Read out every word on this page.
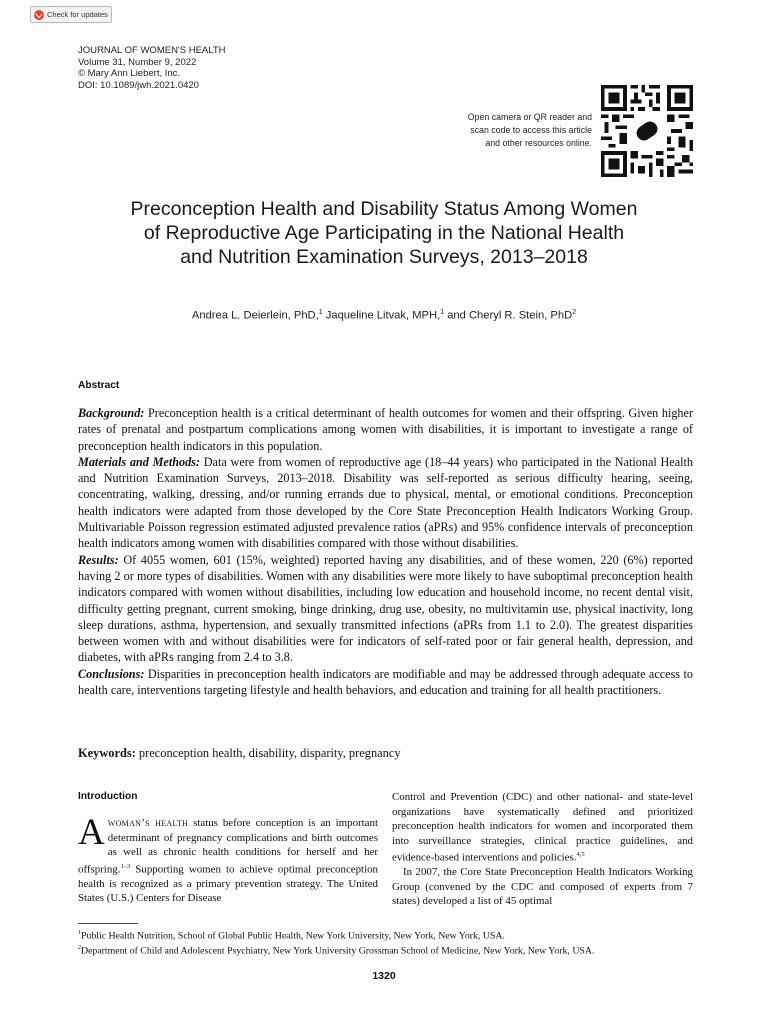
Check for updates
JOURNAL OF WOMEN'S HEALTH
Volume 31, Number 9, 2022
© Mary Ann Liebert, Inc.
DOI: 10.1089/jwh.2021.0420
Open camera or QR reader and
scan code to access this article
and other resources online.
Preconception Health and Disability Status Among Women
of Reproductive Age Participating in the National Health
and Nutrition Examination Surveys, 2013–2018
Andrea L. Deierlein, PhD,$^1$ Jaqueline Litvak, MPH,$^1$ and Cheryl R. Stein, PhD$^2$
Abstract

Background: Preconception health is a critical determinant of health outcomes for women and their offspring. Given higher rates of prenatal and postpartum complications among women with disabilities, it is important to investigate a range of preconception health indicators in this population.

Materials and Methods: Data were from women of reproductive age (18–44 years) who participated in the National Health and Nutrition Examination Surveys, 2013–2018. Disability was self-reported as serious difficulty hearing, seeing, concentrating, walking, dressing, and/or running errands due to physical, mental, or emotional conditions. Preconception health indicators were adapted from those developed by the Core State Preconception Health Indicators Working Group. Multivariable Poisson regression estimated adjusted prevalence ratios (aPRs) and 95% confidence intervals of preconception health indicators among women with disabilities compared with those without disabilities.

Results: Of 4055 women, 601 (15%, weighted) reported having any disabilities, and of these women, 220 (6%) reported having 2 or more types of disabilities. Women with any disabilities were more likely to have suboptimal preconception health indicators compared with women without disabilities, including low education and household income, no recent dental visit, difficulty getting pregnant, current smoking, binge drinking, drug use, obesity, no multivitamin use, physical inactivity, long sleep durations, asthma, hypertension, and sexually transmitted infections (aPRs from 1.1 to 2.0). The greatest disparities between women with and without disabilities were for indicators of self-rated poor or fair general health, depression, and diabetes, with aPRs ranging from 2.4 to 3.8.

Conclusions: Disparities in preconception health indicators are modifiable and may be addressed through adequate access to health care, interventions targeting lifestyle and health behaviors, and education and training for all health practitioners.

Keywords: preconception health, disability, disparity, pregnancy
Introduction

A woman’s health status before conception is an important determinant of pregnancy complications and birth outcomes as well as chronic health conditions for herself and her offspring.$^{1-3}$ Supporting women to achieve optimal preconception health is recognized as a primary prevention strategy. The United States (U.S.) Centers for Disease

Control and Prevention (CDC) and other national- and state-level organizations have systematically defined and prioritized preconception health indicators for women and incorporated them into surveillance strategies, clinical practice guidelines, and evidence-based interventions and policies.$^{4,5}$

In 2007, the Core State Preconception Health Indicators Working Group (convened by the CDC and composed of experts from 7 states) developed a list of 45 optimal

$^1$Public Health Nutrition, School of Global Public Health, New York University, New York, New York, USA.
$^2$Department of Child and Adolescent Psychiatry, New York University Grossman School of Medicine, New York, New York, USA.
1320
